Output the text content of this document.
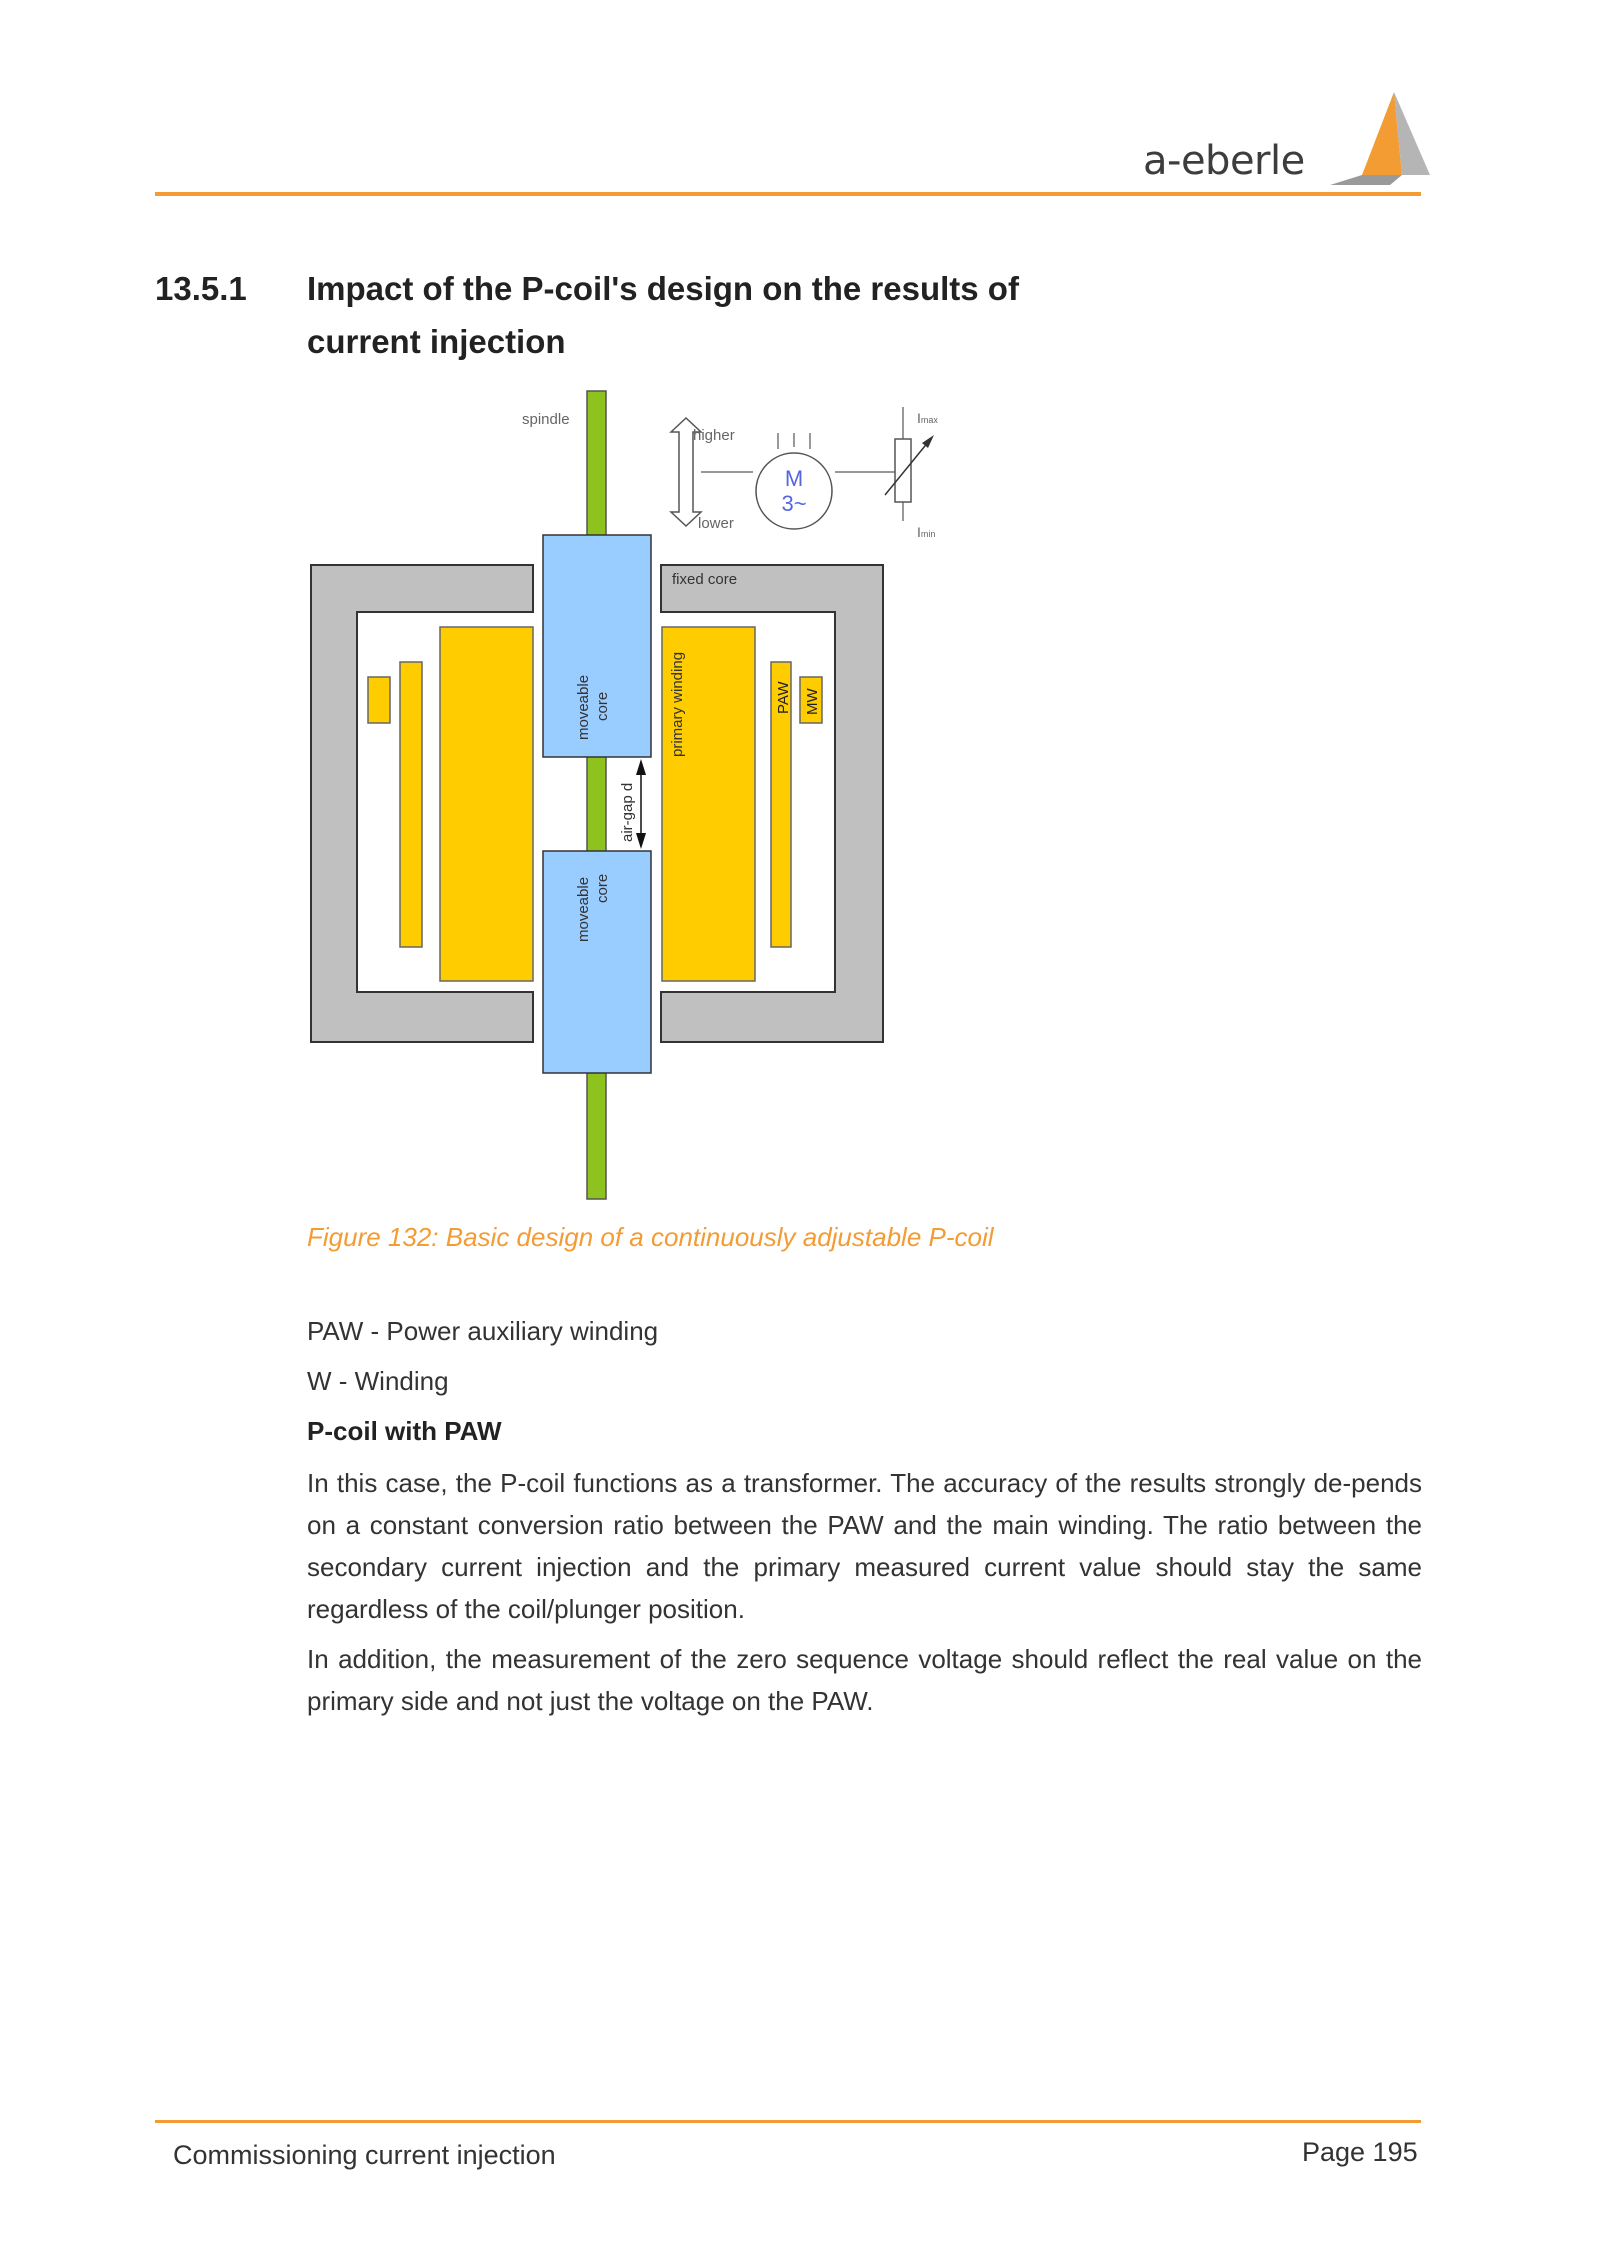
a-eberle
13.5.1 Impact of the P-coil's design on the results of
current injection
spindle
higher
lower
M
3~
Imax
Imin
fixed core
moveable core
moveable core
air-gap d
primary winding	PAW MW
Figure 132: Basic design of a continuously adjustable P-coil
PAW - Power auxiliary winding
W - Winding
P-coil with PAW
In this case, the P-coil functions as a transformer. The accuracy of the results strongly de-pends on a constant conversion ratio between the PAW and the main winding. The ratio between the secondary current injection and the primary measured current value should stay the same regardless of the coil/plunger position.
In addition, the measurement of the zero sequence voltage should reflect the real value on the primary side and not just the voltage on the PAW.
Commissioning current injection	Page 195
